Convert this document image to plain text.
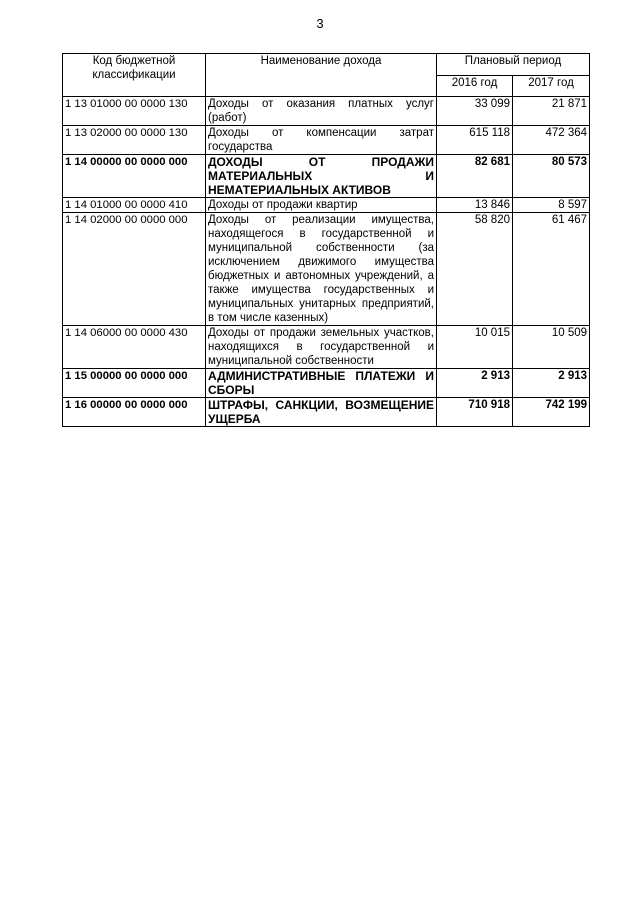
3
Код бюджетной классификации	Наименование дохода	Плановый период	
		2016 год	2017 год
1 13 01000 00 0000 130	Доходы от оказания платных услуг (работ)	33 099	21 871
1 13 02000 00 0000 130	Доходы от компенсации затрат государства	615 118	472 364
1 14 00000 00 0000 000	ДОХОДЫ ОТ ПРОДАЖИ МАТЕРИАЛЬНЫХ И НЕМАТЕРИАЛЬНЫХ АКТИВОВ	82 681	80 573
1 14 01000 00 0000 410	Доходы от продажи квартир	13 846	8 597
1 14 02000 00 0000 000	Доходы от реализации имущества, находящегося в государственной и муниципальной собственности (за исключением движимого имущества бюджетных и автономных учреждений, а также имущества государственных и муниципальных унитарных предприятий, в том числе казенных)	58 820	61 467
1 14 06000 00 0000 430	Доходы от продажи земельных участков, находящихся в государственной и муниципальной собственности	10 015	10 509
1 15 00000 00 0000 000	АДМИНИСТРАТИВНЫЕ ПЛАТЕЖИ И СБОРЫ	2 913	2 913
1 16 00000 00 0000 000	ШТРАФЫ, САНКЦИИ, ВОЗМЕЩЕНИЕ УЩЕРБА	710 918	742 199
